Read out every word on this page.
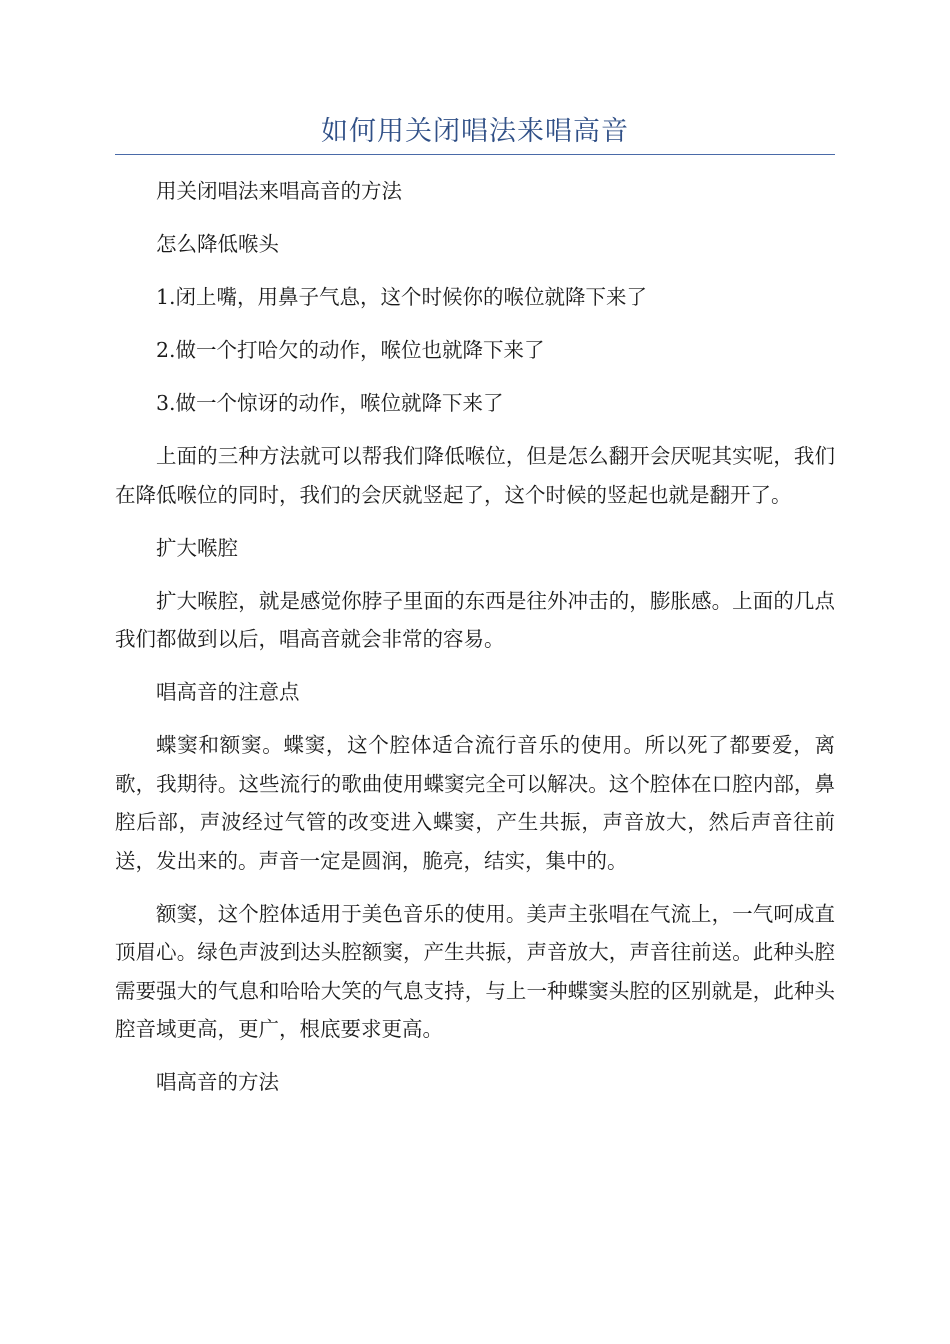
如何用关闭唱法来唱高音

用关闭唱法来唱高音的方法

怎么降低喉头

1.闭上嘴，用鼻子气息，这个时候你的喉位就降下来了

2.做一个打哈欠的动作，喉位也就降下来了

3.做一个惊讶的动作，喉位就降下来了

上面的三种方法就可以帮我们降低喉位，但是怎么翻开会厌呢其实呢，我们在降低喉位的同时，我们的会厌就竖起了，这个时候的竖起也就是翻开了。

扩大喉腔

扩大喉腔，就是感觉你脖子里面的东西是往外冲击的，膨胀感。上面的几点我们都做到以后，唱高音就会非常的容易。

唱高音的注意点

蝶窦和额窦。蝶窦，这个腔体适合流行音乐的使用。所以死了都要爱，离歌，我期待。这些流行的歌曲使用蝶窦完全可以解决。这个腔体在口腔内部，鼻腔后部，声波经过气管的改变进入蝶窦，产生共振，声音放大，然后声音往前送，发出来的。声音一定是圆润，脆亮，结实，集中的。

额窦，这个腔体适用于美色音乐的使用。美声主张唱在气流上，一气呵成直顶眉心。绿色声波到达头腔额窦，产生共振，声音放大，声音往前送。此种头腔需要强大的气息和哈哈大笑的气息支持，与上一种蝶窦头腔的区别就是，此种头腔音域更高，更广，根底要求更高。

唱高音的方法
